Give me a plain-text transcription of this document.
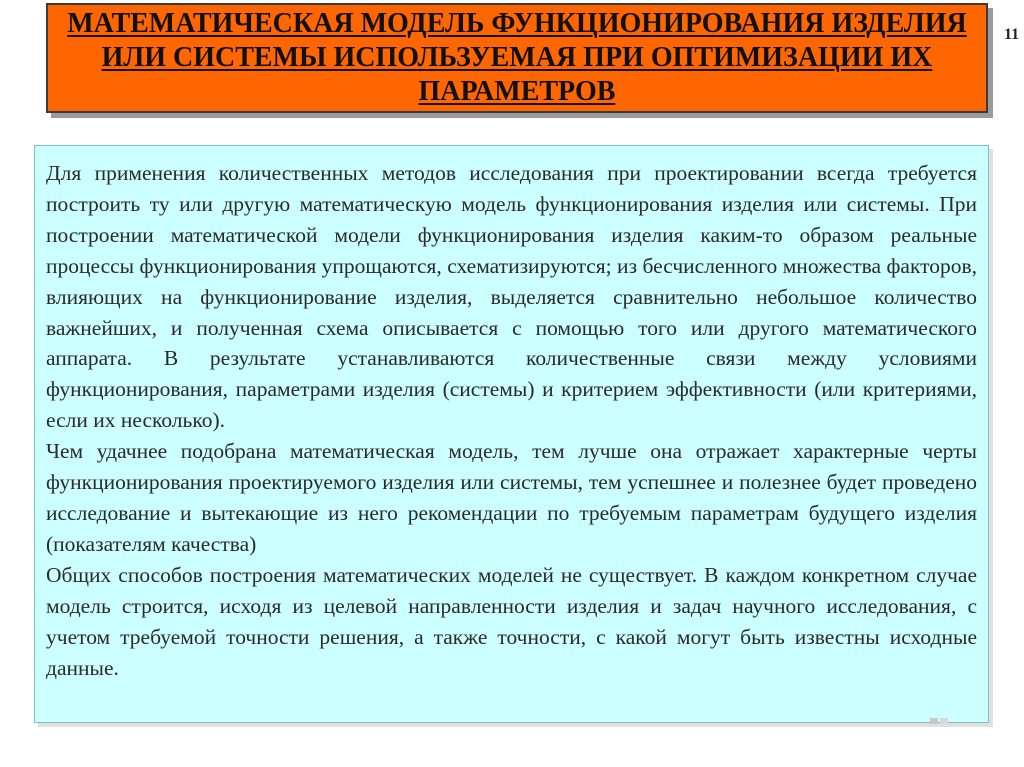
МАТЕМАТИЧЕСКАЯ МОДЕЛЬ ФУНКЦИОНИРОВАНИЯ ИЗДЕЛИЯ ИЛИ СИСТЕМЫ ИСПОЛЬЗУЕМАЯ ПРИ ОПТИМИЗАЦИИ ИХ ПАРАМЕТРОВ
11

Для применения количественных методов исследования при проектировании всегда требуется построить ту или другую математическую модель функционирования изделия или системы. При построении математической модели функционирования изделия каким-то образом реальные процессы функционирования упрощаются, схематизируются; из бесчисленного множества факторов, влияющих на функционирование изделия, выделяется сравнительно небольшое количество важнейших, и полученная схема описывается с помощью того или другого математического аппарата. В результате устанавливаются количественные связи между условиями функционирования, параметрами изделия (системы) и критерием эффективности (или критериями, если их несколько).

Чем удачнее подобрана математическая модель, тем лучше она отражает характерные черты функционирования проектируемого изделия или системы, тем успешнее и полезнее будет проведено исследование и вытекающие из него рекомендации по требуемым параметрам будущего изделия (показателям качества)

Общих способов построения математических моделей не существует. В каждом конкретном случае модель строится, исходя из целевой направленности изделия и задач научного исследования, с учетом требуемой точности решения, а также точности, с какой могут быть известны исходные данные.
